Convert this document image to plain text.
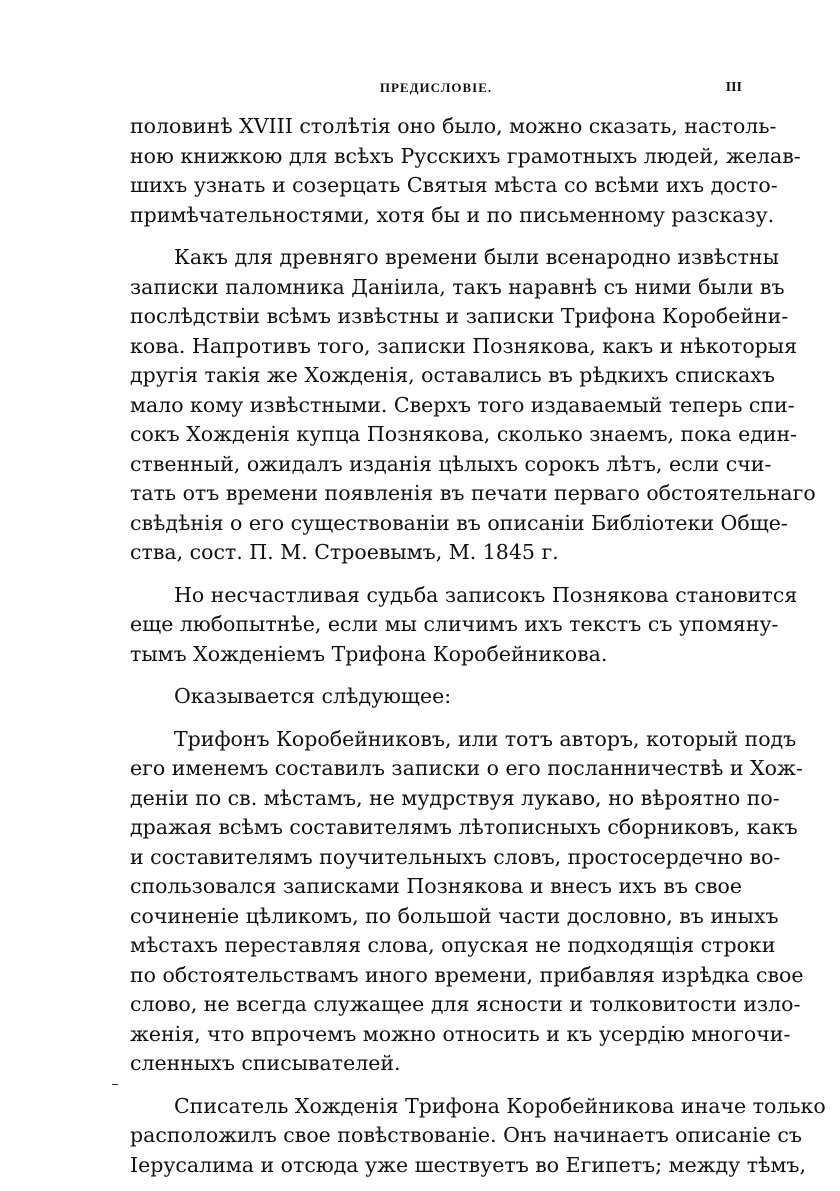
ПРЕДИСЛОВІЕ.	III
половинѣ XVIII столѣтія оно было, можно сказать, настоль-
ною книжкою для всѣхъ Русскихъ грамотныхъ людей, желав-
шихъ узнать и созерцать Святыя мѣста со всѣми ихъ досто-
примѣчательностями, хотя бы и по письменному разсказу.
Какъ для древняго времени были всенародно извѣстны
записки паломника Даніила, такъ наравнѣ съ ними были въ
послѣдствіи всѣмъ извѣстны и записки Трифона Коробейни-
кова. Напротивъ того, записки Познякова, какъ и нѣкоторыя
другія такія же Хожденія, оставались въ рѣдкихъ спискахъ
мало кому извѣстными. Сверхъ того издаваемый теперь спи-
сокъ Хожденія купца Познякова, сколько знаемъ, пока един-
ственный, ожидалъ изданія цѣлыхъ сорокъ лѣтъ, если счи-
тать отъ времени появленія въ печати перваго обстоятельнаго
свѣдѣнія о его существованіи въ описаніи Библіотеки Обще-
ства, сост. П. М. Строевымъ, М. 1845 г.
Но несчастливая судьба записокъ Познякова становится
еще любопытнѣе, если мы сличимъ ихъ текстъ съ упомяну-
тымъ Хожденіемъ Трифона Коробейникова.
Оказывается слѣдующее:
Трифонъ Коробейниковъ, или тотъ авторъ, который подъ
его именемъ составилъ записки о его посланничествѣ и Хож-
деніи по св. мѣстамъ, не мудрствуя лукаво, но вѣроятно по-
дражая всѣмъ составителямъ лѣтописныхъ сборниковъ, какъ
и составителямъ поучительныхъ словъ, простосердечно во-
спользовался записками Познякова и внесъ ихъ въ свое
сочиненіе цѣликомъ, по большой части дословно, въ иныхъ
мѣстахъ переставляя слова, опуская не подходящія строки
по обстоятельствамъ иного времени, прибавляя изрѣдка свое
слово, не всегда служащее для ясности и толковитости изло-
женія, что впрочемъ можно относить и къ усердію многочи-
сленныхъ списывателей.
Списатель Хожденія Трифона Коробейникова иначе только
расположилъ свое повѣствованіе. Онъ начинаетъ описаніе съ
Іерусалима и отсюда уже шествуетъ во Египетъ; между тѣмъ,
